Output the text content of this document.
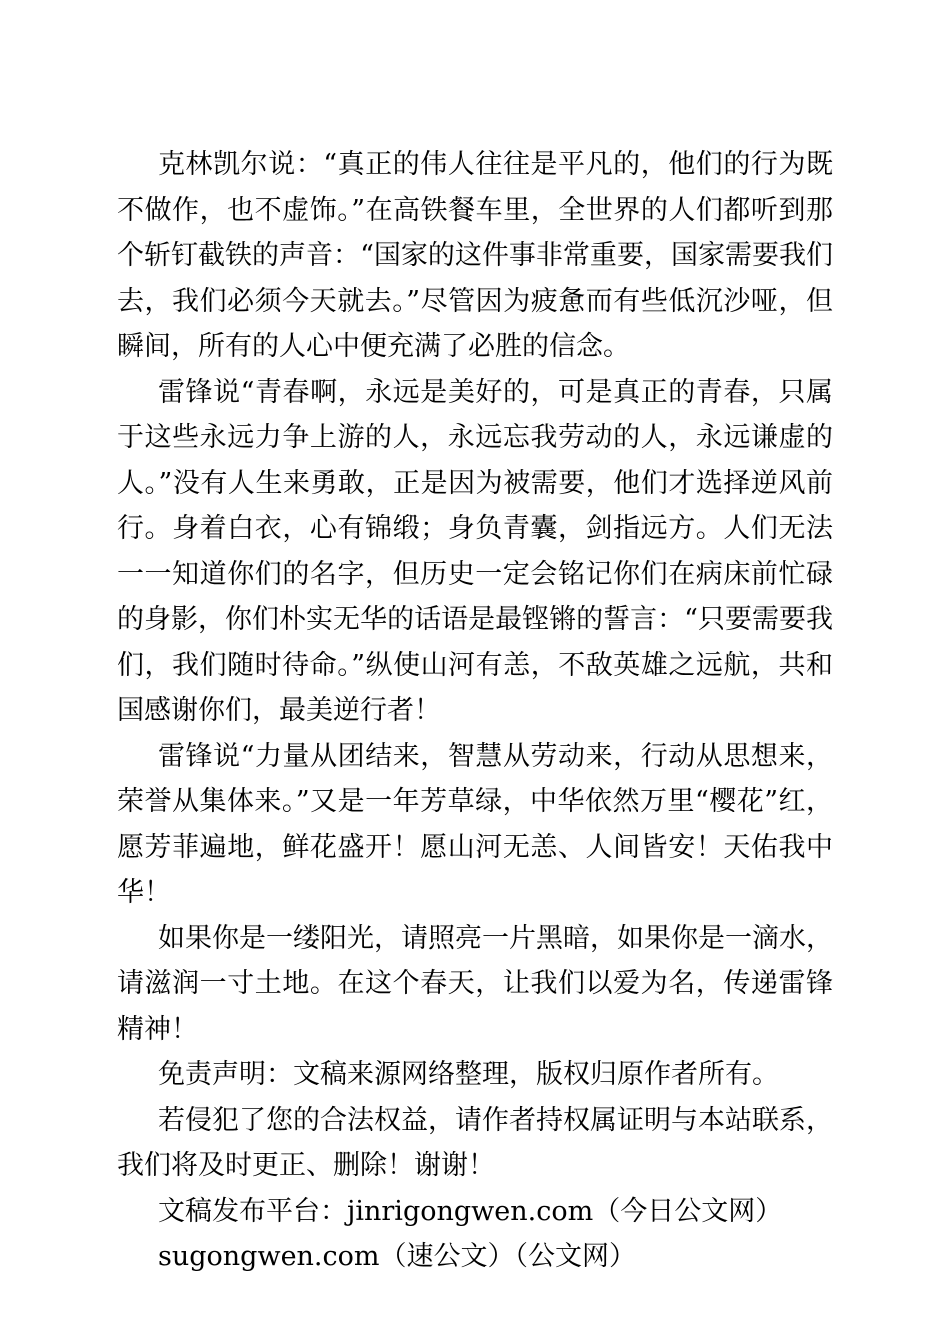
克林凯尔说：“真正的伟人往往是平凡的，他们的行为既不做作，也不虚饰。”在高铁餐车里，全世界的人们都听到那个斩钉截铁的声音：“国家的这件事非常重要，国家需要我们去，我们必须今天就去。”尽管因为疲惫而有些低沉沙哑，但瞬间，所有的人心中便充满了必胜的信念。

雷锋说“青春啊，永远是美好的，可是真正的青春，只属于这些永远力争上游的人，永远忘我劳动的人，永远谦虚的人。”没有人生来勇敢，正是因为被需要，他们才选择逆风前行。身着白衣，心有锦缎；身负青囊，剑指远方。人们无法一一知道你们的名字，但历史一定会铭记你们在病床前忙碌的身影，你们朴实无华的话语是最铿锵的誓言：“只要需要我们，我们随时待命。”纵使山河有恙，不敌英雄之远航，共和国感谢你们，最美逆行者！

雷锋说“力量从团结来，智慧从劳动来，行动从思想来，荣誉从集体来。”又是一年芳草绿，中华依然万里“樱花”红，愿芳菲遍地，鲜花盛开！愿山河无恙、人间皆安！天佑我中华！

如果你是一缕阳光，请照亮一片黑暗，如果你是一滴水，请滋润一寸土地。在这个春天，让我们以爱为名，传递雷锋精神！

免责声明：文稿来源网络整理，版权归原作者所有。

若侵犯了您的合法权益，请作者持权属证明与本站联系，我们将及时更正、删除！谢谢！

文稿发布平台：jinrigongwen.com（今日公文网）

sugongwen.com（速公文）（公文网）
